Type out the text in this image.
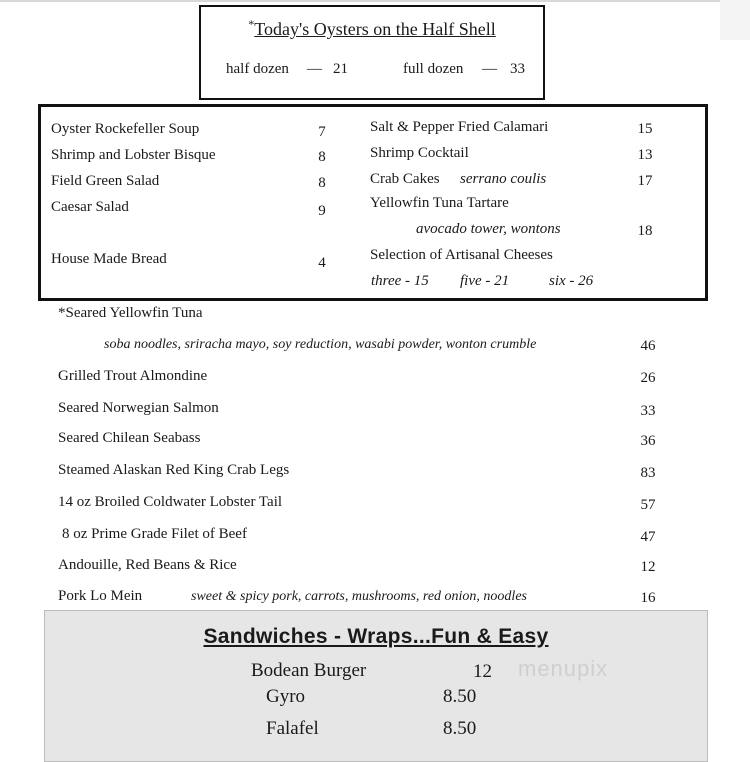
*Today's Oysters on the Half Shell
half dozen — 21	full dozen — 33
Oyster Rockefeller Soup	7
Shrimp and Lobster Bisque	8
Field Green Salad	8
Caesar Salad	9
House Made Bread	4
Salt & Pepper Fried Calamari	15
Shrimp Cocktail	13
Crab Cakes serrano coulis	17
Yellowfin Tuna Tartare
avocado tower, wontons	18
Selection of Artisanal Cheeses
three - 15 five - 21	six - 26
*Seared Yellowfin Tuna
soba noodles, sriracha mayo, soy reduction, wasabi powder, wonton crumble	46
Grilled Trout Almondine	26
Seared Norwegian Salmon	33
Seared Chilean Seabass	36
Steamed Alaskan Red King Crab Legs	83
14 oz Broiled Coldwater Lobster Tail	57
8 oz Prime Grade Filet of Beef	47
Andouille, Red Beans & Rice	12
Pork Lo Mein	sweet & spicy pork, carrots, mushrooms, red onion, noodles	16
Sandwiches - Wraps...Fun & Easy
Bodean Burger	12
Gyro	8.50
Falafel	8.50
menupix
